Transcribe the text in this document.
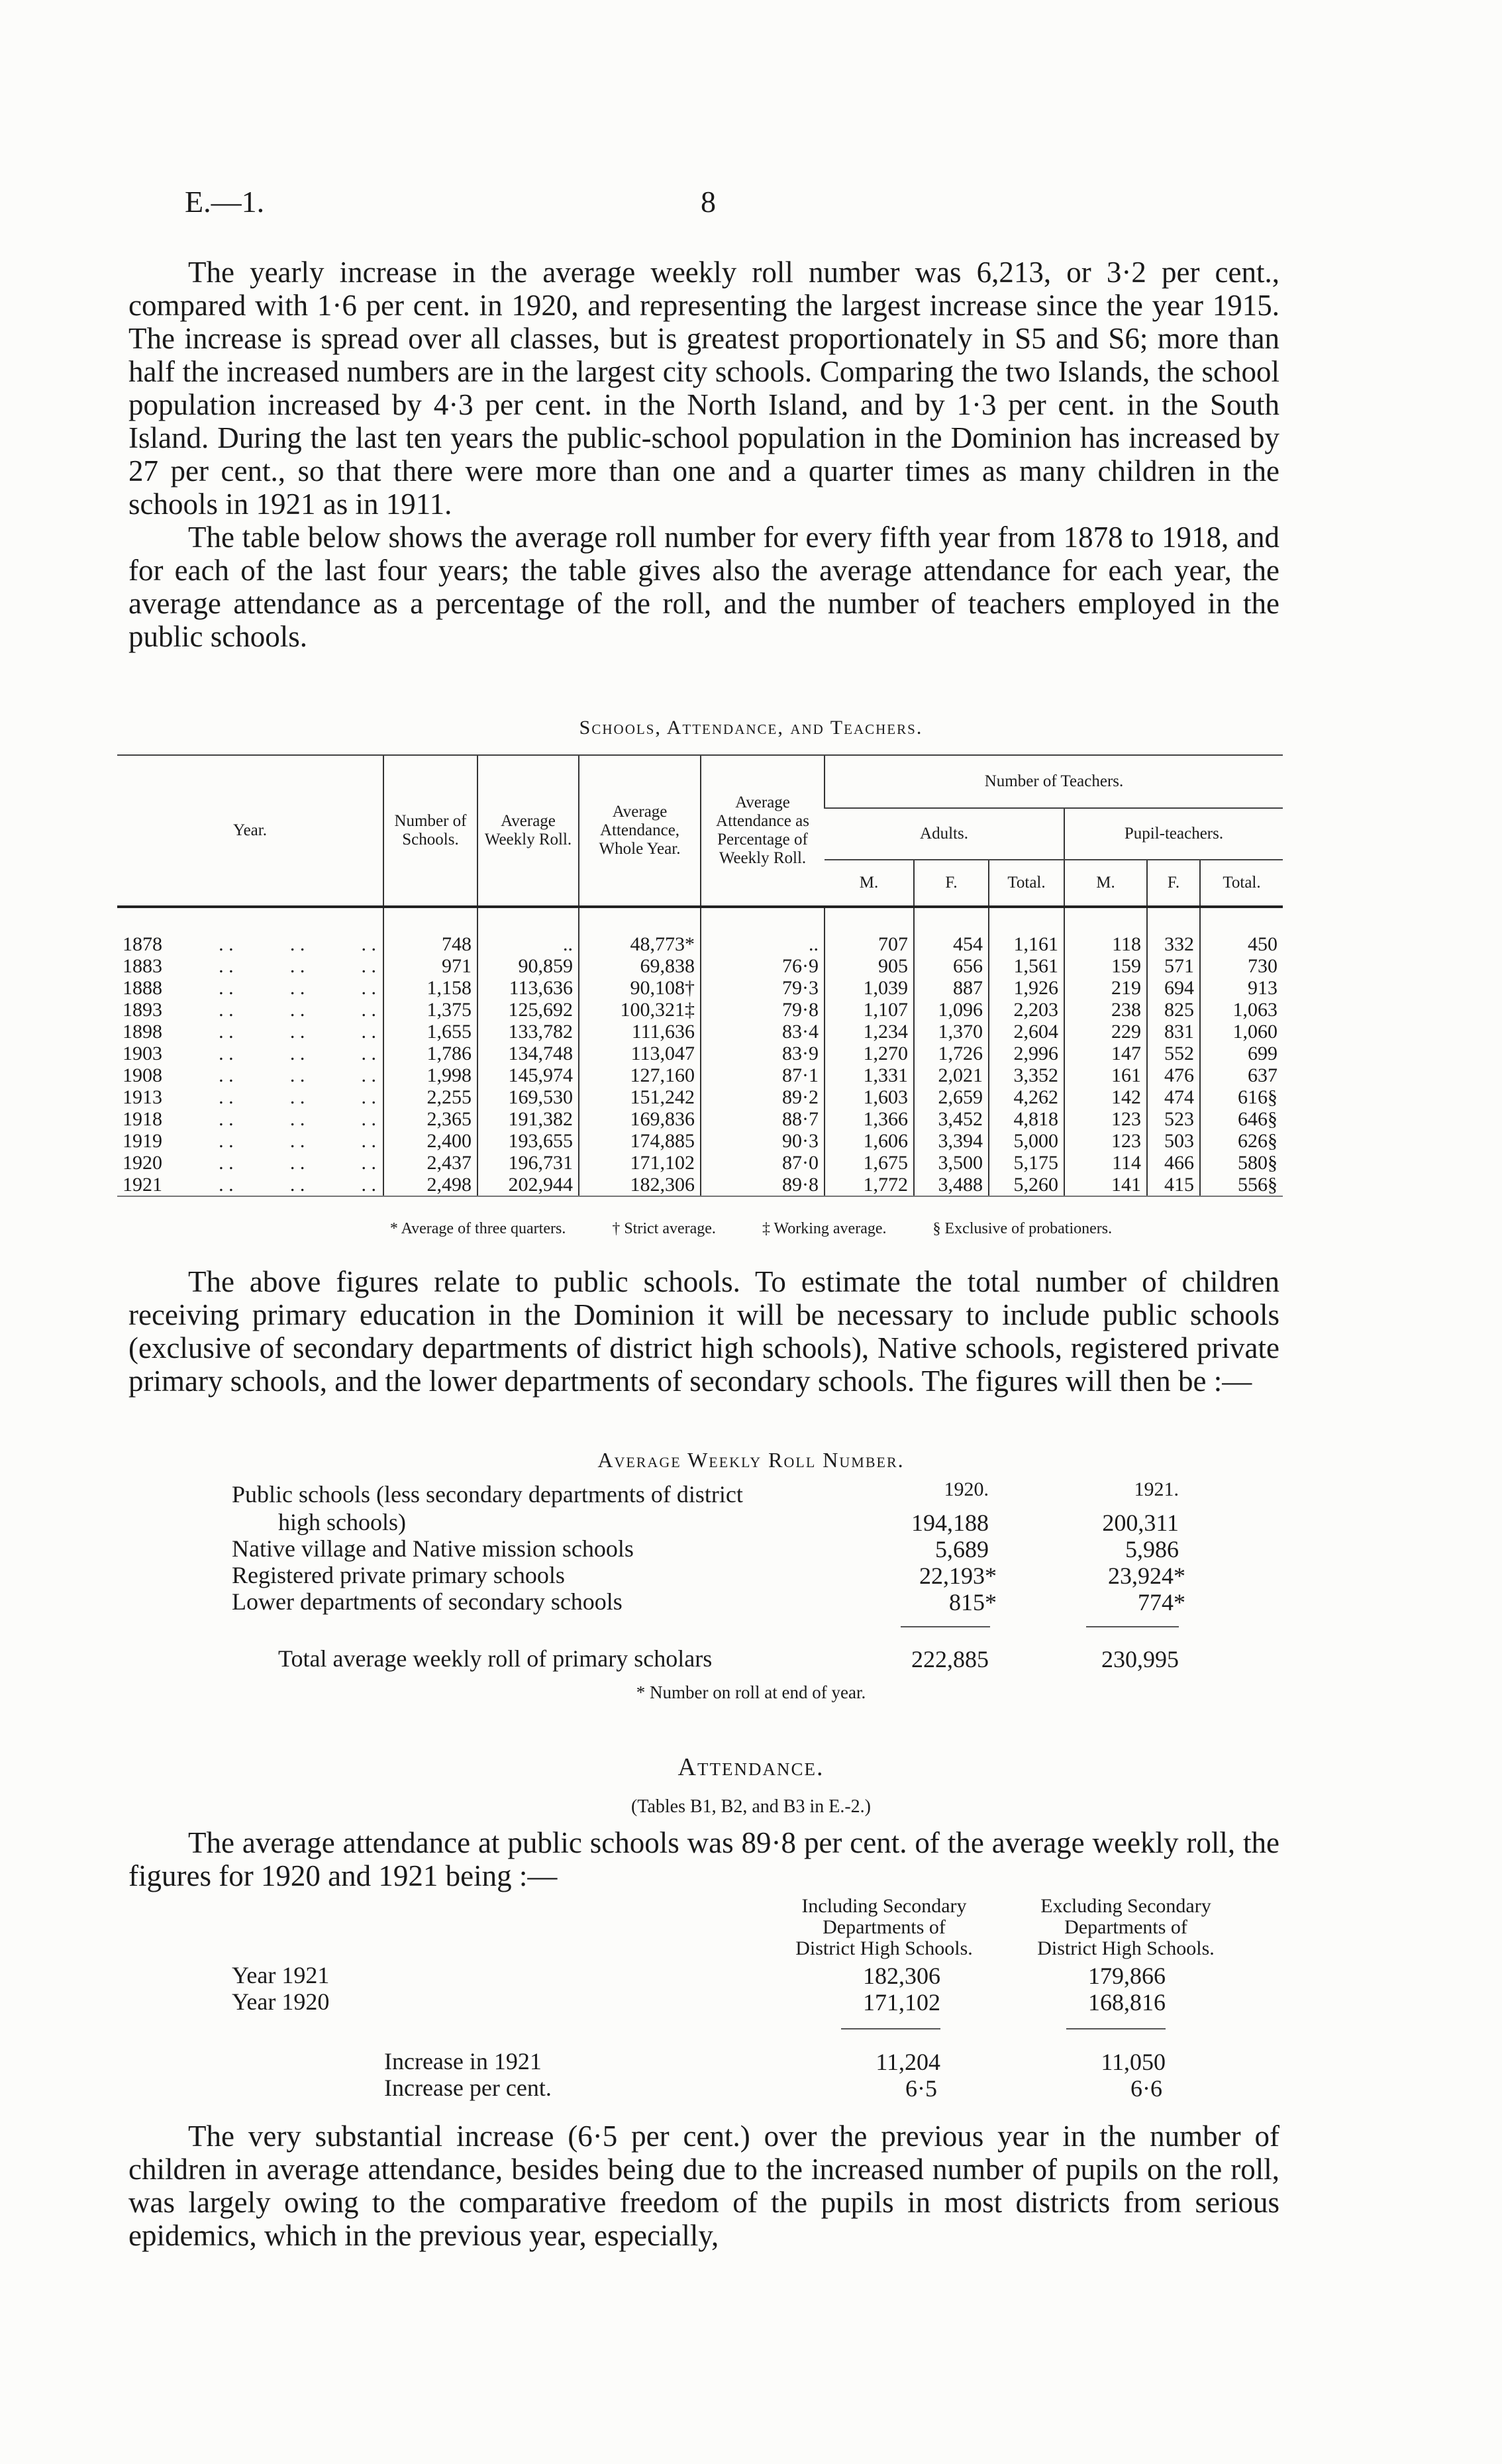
E.—1.	8

The yearly increase in the average weekly roll number was 6,213, or 3·2 per cent., compared with 1·6 per cent. in 1920, and representing the largest increase since the year 1915. The increase is spread over all classes, but is greatest proportionately in S5 and S6; more than half the increased numbers are in the largest city schools. Comparing the two Islands, the school population increased by 4·3 per cent. in the North Island, and by 1·3 per cent. in the South Island. During the last ten years the public-school population in the Dominion has increased by 27 per cent., so that there were more than one and a quarter times as many children in the schools in 1921 as in 1911.

The table below shows the average roll number for every fifth year from 1878 to 1918, and for each of the last four years; the table gives also the average attendance for each year, the average attendance as a percentage of the roll, and the number of teachers employed in the public schools.

Schools, Attendance, and Teachers.
Year.	Number of Schools.	Average Weekly Roll.	Average Attendance, Whole Year.	Average Attendance as Percentage of Weekly Roll.	Number of Teachers.					
					Adults.			Pupil-teachers.		
					M.	F.	Total.	M.	F.	Total.

1878 . . . . . .	748	..	48,773*	..	707	454	1,161	118	332	450

1883 . . . . . .	971	90,859	69,838	76·9	905	656	1,561	159	571	730

1888 . . . . . .	1,158	113,636	90,108†	79·3	1,039	887	1,926	219	694	913

1893 . . . . . .	1,375	125,692	100,321‡	79·8	1,107	1,096	2,203	238	825	1,063

1898 . . . . . .	1,655	133,782	111,636	83·4	1,234	1,370	2,604	229	831	1,060

1903 . . . . . .	1,786	134,748	113,047	83·9	1,270	1,726	2,996	147	552	699

1908 . . . . . .	1,998	145,974	127,160	87·1	1,331	2,021	3,352	161	476	637

1913 . . . . . .	2,255	169,530	151,242	89·2	1,603	2,659	4,262	142	474	616§

1918 . . . . . .	2,365	191,382	169,836	88·7	1,366	3,452	4,818	123	523	646§

1919 . . . . . .	2,400	193,655	174,885	90·3	1,606	3,394	5,000	123	503	626§

1920 . . . . . .	2,437	196,731	171,102	87·0	1,675	3,500	5,175	114	466	580§

1921 . . . . . .	2,498	202,944	182,306	89·8	1,772	3,488	5,260	141	415	556§
* Average of three quarters.	† Strict average.	‡ Working average.	§ Exclusive of probationers.

The above figures relate to public schools. To estimate the total number of children receiving primary education in the Dominion it will be necessary to include public schools (exclusive of secondary departments of district high schools), Native schools, registered private primary schools, and the lower departments of secondary schools. The figures will then be :—

Average Weekly Roll Number.
1920.	1921.
Public schools (less secondary departments of district
high schools)	194,188	200,311
Native village and Native mission schools	5,689	5,986
Registered private primary schools	22,193*	23,924*
Lower departments of secondary schools	815*	774*
Total average weekly roll of primary scholars	222,885	230,995
* Number on roll at end of year.
Attendance.
(Tables B1, B2, and B3 in E.-2.)

The average attendance at public schools was 89·8 per cent. of the average weekly roll, the figures for 1920 and 1921 being :—

Including Secondary
Departments of
District High Schools.
Excluding Secondary
Departments of
District High Schools.
Year 1921	182,306	179,866
Year 1920	171,102	168,816
Increase in 1921	11,204	11,050
Increase per cent.	6·5	6·6

The very substantial increase (6·5 per cent.) over the previous year in the number of children in average attendance, besides being due to the increased number of pupils on the roll, was largely owing to the comparative freedom of the pupils in most districts from serious epidemics, which in the previous year, especially,
